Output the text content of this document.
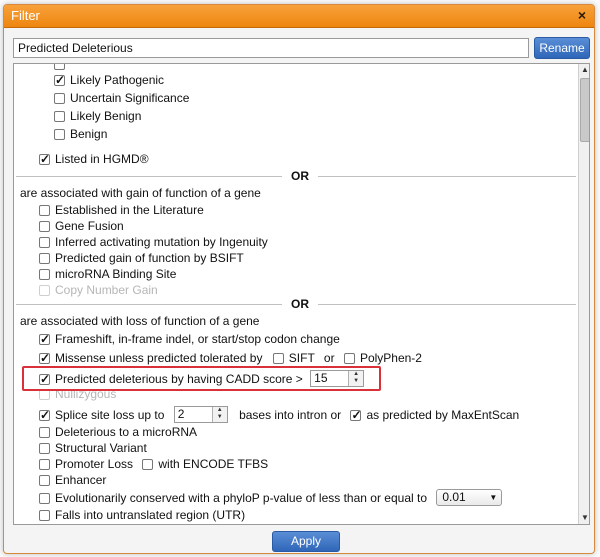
Filter	×
Predicted Deleterious
Rename
✓Likely Pathogenic
Uncertain Significance
Likely Benign
Benign
✓Listed in HGMD®
OR
are associated with gain of function of a gene
Established in the Literature
Gene Fusion
Inferred activating mutation by Ingenuity
Predicted gain of function by BSIFT
microRNA Binding Site
Copy Number Gain
OR
are associated with loss of function of a gene
✓Frameshift, in-frame indel, or start/stop codon change
✓Missense unless predicted tolerated by SIFT or PolyPhen-2
✓Predicted deleterious by having CADD score > 15	▲
▼
Nullizygous
✓Splice site loss up to 2	▲
▼	bases into intron or ✓ as predicted by MaxEntScan
Deleterious to a microRNA
Structural Variant
Promoter Loss with ENCODE TFBS
Enhancer
Evolutionarily conserved with a phyloP p-value of less than or equal to 0.01	▼
Falls into untranslated region (UTR)
▲
▼
Apply
